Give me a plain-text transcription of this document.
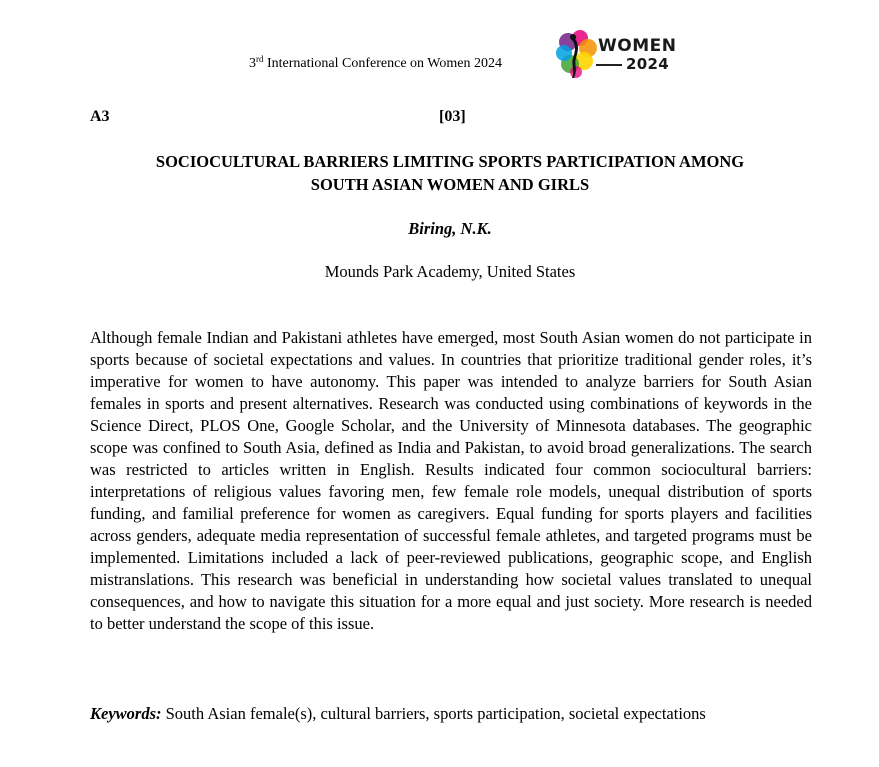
3rd International Conference on Women 2024
WOMEN
2024
A3	[03]
SOCIOCULTURAL BARRIERS LIMITING SPORTS PARTICIPATION AMONG
SOUTH ASIAN WOMEN AND GIRLS
Biring, N.K.
Mounds Park Academy, United States

Although female Indian and Pakistani athletes have emerged, most South Asian women do not participate in sports because of societal expectations and values. In countries that prioritize traditional gender roles, it’s imperative for women to have autonomy. This paper was intended to analyze barriers for South Asian females in sports and present alternatives. Research was conducted using combinations of keywords in the Science Direct, PLOS One, Google Scholar, and the University of Minnesota databases. The geographic scope was confined to South Asia, defined as India and Pakistan, to avoid broad generalizations. The search was restricted to articles written in English. Results indicated four common sociocultural barriers: interpretations of religious values favoring men, few female role models, unequal distribution of sports funding, and familial preference for women as caregivers. Equal funding for sports players and facilities across genders, adequate media representation of successful female athletes, and targeted programs must be implemented. Limitations included a lack of peer-reviewed publications, geographic scope, and English mistranslations. This research was beneficial in understanding how societal values translated to unequal consequences, and how to navigate this situation for a more equal and just society. More research is needed to better understand the scope of this issue.

Keywords: South Asian female(s), cultural barriers, sports participation, societal expectations
